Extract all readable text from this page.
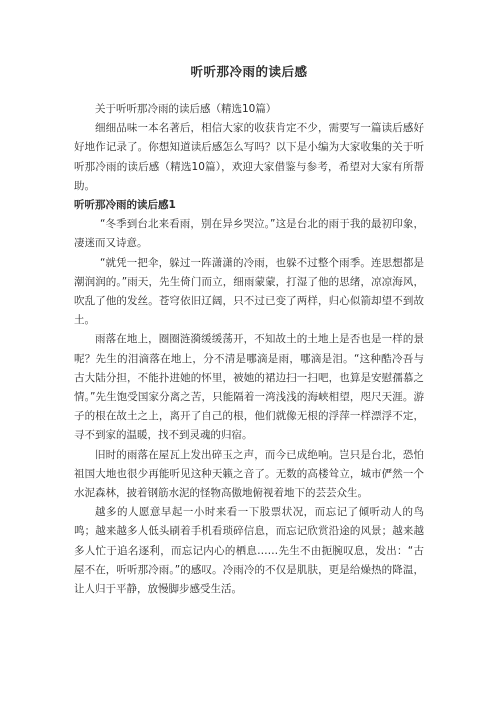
听听那冷雨的读后感

关于听听那冷雨的读后感（精选10篇）

细细品味一本名著后，相信大家的收获肯定不少，需要写一篇读后感好好地作记录了。你想知道读后感怎么写吗？以下是小编为大家收集的关于听听那冷雨的读后感（精选10篇），欢迎大家借鉴与参考，希望对大家有所帮助。

听听那冷雨的读后感1

“冬季到台北来看雨，别在异乡哭泣。”这是台北的雨于我的最初印象，凄迷而又诗意。

“就凭一把伞，躲过一阵潇潇的冷雨，也躲不过整个雨季。连思想都是潮润润的。”雨天，先生倚门而立，细雨蒙蒙，打湿了他的思绪，凉凉海风，吹乱了他的发丝。苍穹依旧辽阔，只不过已变了两样，归心似箭却望不到故土。

雨落在地上，圈圈涟漪缓缓荡开，不知故土的土地上是否也是一样的景呢？先生的泪滴落在地上，分不清是哪滴是雨，哪滴是泪。“这种酷冷吾与古大陆分担，不能扑进她的怀里，被她的裙边扫一扫吧，也算是安慰孺慕之情。”先生饱受国家分离之苦，只能隔着一湾浅浅的海峡相望，咫尺天涯。游子的根在故土之上，离开了自己的根，他们就像无根的浮萍一样漂浮不定，寻不到家的温暖，找不到灵魂的归宿。

旧时的雨落在屋瓦上发出碎玉之声，而今已成绝响。岂只是台北，恐怕祖国大地也很少再能听见这种天籁之音了。无数的高楼耸立，城市俨然一个水泥森林，披着钢筋水泥的怪物高傲地俯视着地下的芸芸众生。

越多的人愿意早起一小时来看一下股票状况，而忘记了倾听动人的鸟鸣；越来越多人低头刷着手机看琐碎信息，而忘记欣赏沿途的风景；越来越多人忙于追名逐利，而忘记内心的栖息……先生不由扼腕叹息，发出：“古屋不在，听听那冷雨。”的感叹。冷雨冷的不仅是肌肤，更是给燥热的降温，让人归于平静，放慢脚步感受生活。
